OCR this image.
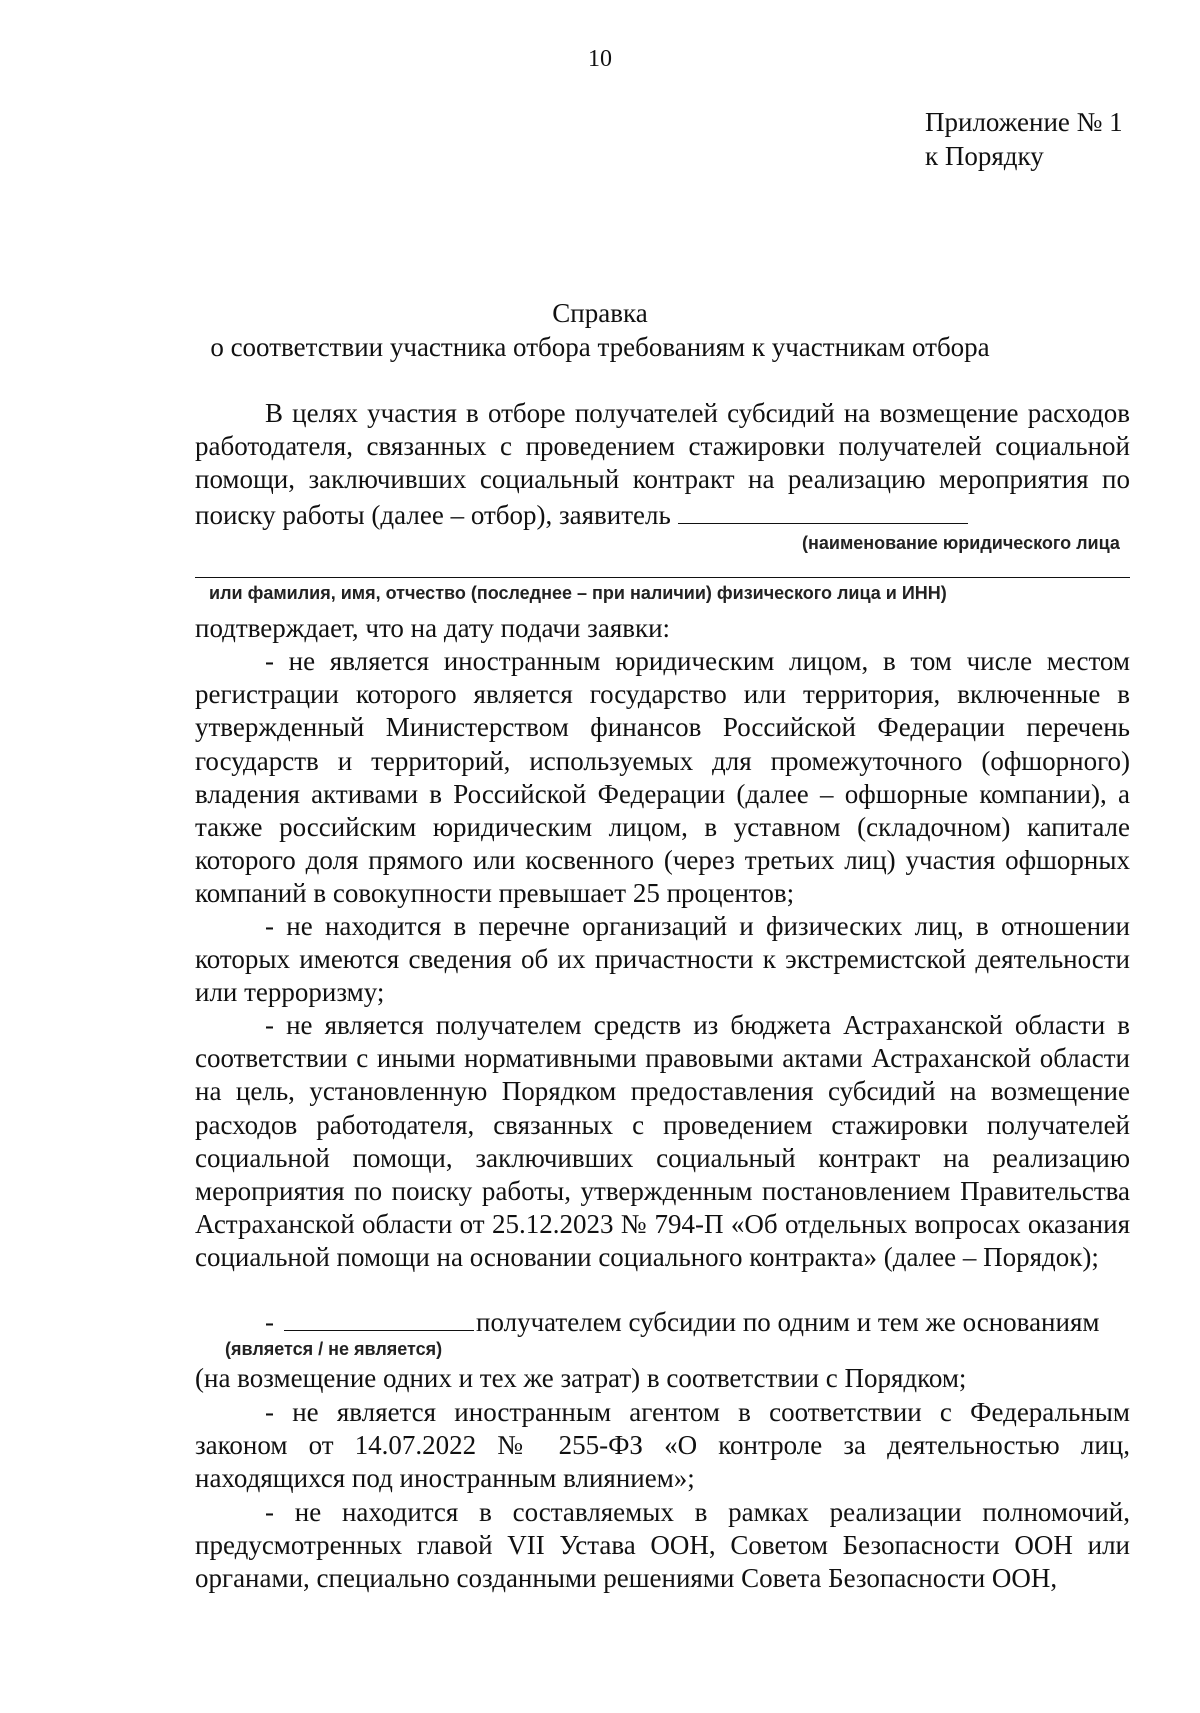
10
Приложение № 1
к Порядку
Справка
о соответствии участника отбора требованиям к участникам отбора
В целях участия в отборе получателей субсидий на возмещение расходов работодателя, связанных с проведением стажировки получателей социальной помощи, заключивших социальный контракт на реализацию мероприятия по поиску работы (далее – отбор), заявитель
(наименование юридического лица
или фамилия, имя, отчество (последнее – при наличии) физического лица и ИНН)
подтверждает, что на дату подачи заявки:
- не является иностранным юридическим лицом, в том числе местом регистрации которого является государство или территория, включенные в утвержденный Министерством финансов Российской Федерации перечень государств и территорий, используемых для промежуточного (офшорного) владения активами в Российской Федерации (далее – офшорные компании), а также российским юридическим лицом, в уставном (складочном) капитале которого доля прямого или косвенного (через третьих лиц) участия офшорных компаний в совокупности превышает 25 процентов;
- не находится в перечне организаций и физических лиц, в отношении которых имеются сведения об их причастности к экстремистской деятельности или терроризму;
- не является получателем средств из бюджета Астраханской области в соответствии с иными нормативными правовыми актами Астраханской области на цель, установленную Порядком предоставления субсидий на возмещение расходов работодателя, связанных с проведением стажировки получателей социальной помощи, заключивших социальный контракт на реализацию мероприятия по поиску работы, утвержденным постановлением Правительства Астраханской области от 25.12.2023 № 794-П «Об отдельных вопросах оказания социальной помощи на основании социального контракта» (далее – Порядок);
-	получателем субсидии по одним и тем же основаниям
(является / не является)
(на возмещение одних и тех же затрат) в соответствии с Порядком;
- не является иностранным агентом в соответствии с Федеральным законом от 14.07.2022 № 255-ФЗ «О контроле за деятельностью лиц, находящихся под иностранным влиянием»;
- не находится в составляемых в рамках реализации полномочий, предусмотренных главой VII Устава ООН, Советом Безопасности ООН или органами, специально созданными решениями Совета Безопасности ООН,
